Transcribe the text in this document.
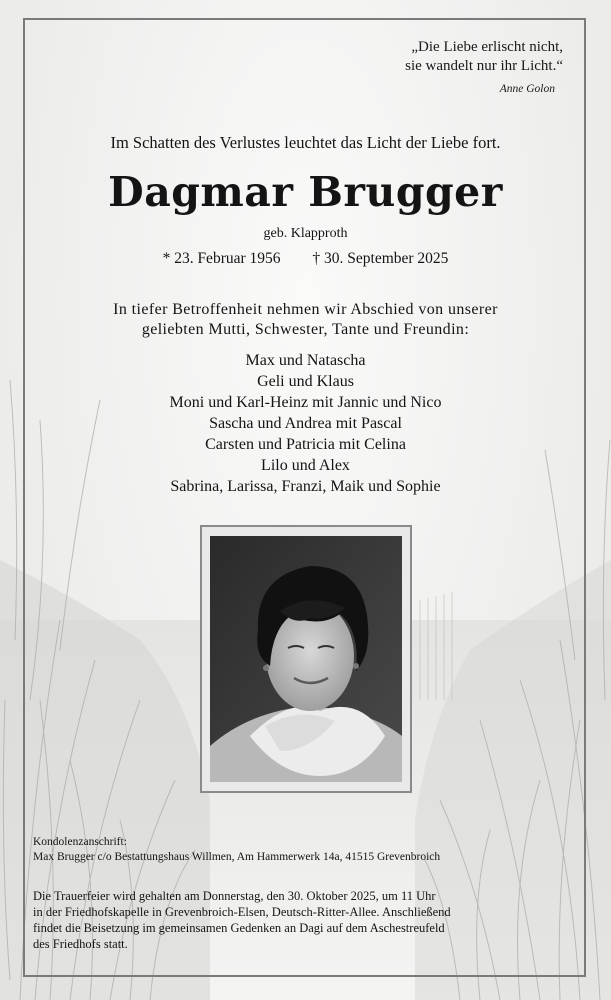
„Die Liebe erlischt nicht,
sie wandelt nur ihr Licht.“
Anne Golon
Im Schatten des Verlustes leuchtet das Licht der Liebe fort.
Dagmar Brugger
geb. Klapproth
* 23. Februar 1956 † 30. September 2025
In tiefer Betroffenheit nehmen wir Abschied von unserer
geliebten Mutti, Schwester, Tante und Freundin:
Max und Natascha
Geli und Klaus
Moni und Karl-Heinz mit Jannic und Nico
Sascha und Andrea mit Pascal
Carsten und Patricia mit Celina
Lilo und Alex
Sabrina, Larissa, Franzi, Maik und Sophie
Kondolenzanschrift:
Max Brugger c/o Bestattungshaus Willmen, Am Hammerwerk 14a, 41515 Grevenbroich
Die Trauerfeier wird gehalten am Donnerstag, den 30. Oktober 2025, um 11 Uhr
in der Friedhofskapelle in Grevenbroich-Elsen, Deutsch-Ritter-Allee. Anschließend
findet die Beisetzung im gemeinsamen Gedenken an Dagi auf dem Aschestreufeld
des Friedhofs statt.
